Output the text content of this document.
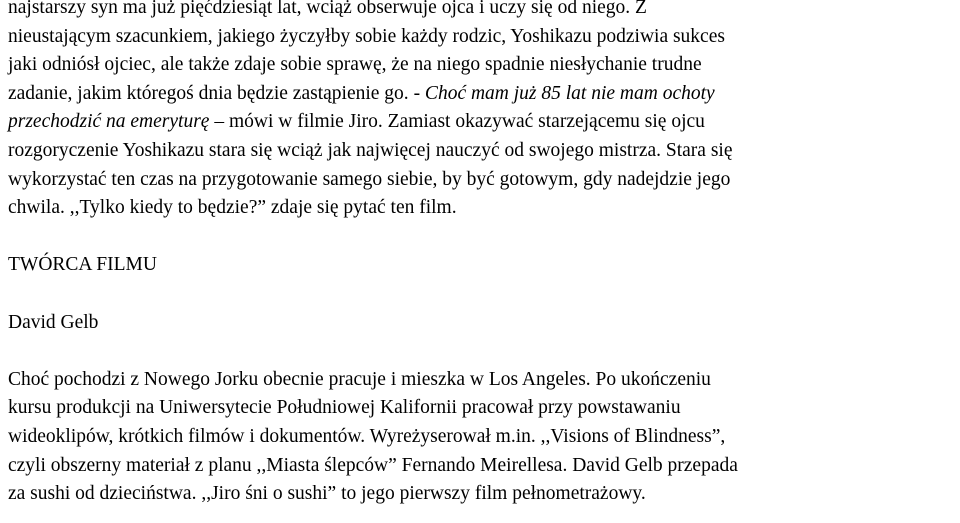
najstarszy syn ma już pięćdziesiąt lat, wciąż obserwuje ojca i uczy się od niego. Z
nieustającym szacunkiem, jakiego życzyłby sobie każdy rodzic, Yoshikazu podziwia sukces
jaki odniósł ojciec, ale także zdaje sobie sprawę, że na niego spadnie niesłychanie trudne
zadanie, jakim któregoś dnia będzie zastąpienie go. - Choć mam już 85 lat nie mam ochoty
przechodzić na emeryturę – mówi w filmie Jiro. Zamiast okazywać starzejącemu się ojcu
rozgoryczenie Yoshikazu stara się wciąż jak najwięcej nauczyć od swojego mistrza. Stara się
wykorzystać ten czas na przygotowanie samego siebie, by być gotowym, gdy nadejdzie jego
chwila. ,,Tylko kiedy to będzie?” zdaje się pytać ten film.
TWÓRCA FILMU
David Gelb
Choć pochodzi z Nowego Jorku obecnie pracuje i mieszka w Los Angeles. Po ukończeniu
kursu produkcji na Uniwersytecie Południowej Kalifornii pracował przy powstawaniu
wideoklipów, krótkich filmów i dokumentów. Wyreżyserował m.in. ,,Visions of Blindness”,
czyli obszerny materiał z planu ,,Miasta ślepców” Fernando Meirellesa. David Gelb przepada
za sushi od dzieciństwa. ,,Jiro śni o sushi” to jego pierwszy film pełnometrażowy.
